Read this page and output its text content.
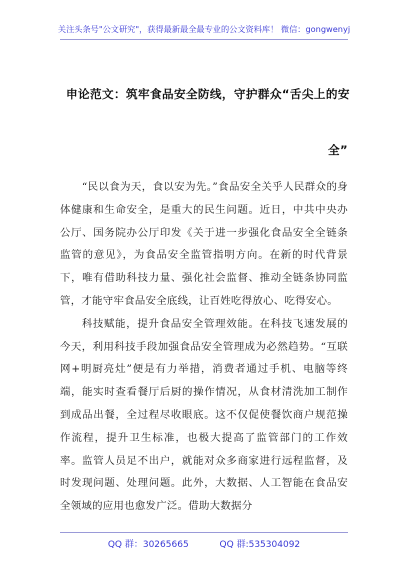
关注头条号"公文研究"，获得最新最全最专业的公文资料库！ 微信：gongwenyj
申论范文：筑牢食品安全防线，守护群众“舌尖上的安
全”

“民以食为天，食以安为先。”食品安全关乎人民群众的身体健康和生命安全，是重大的民生问题。近日，中共中央办公厅、国务院办公厅印发《关于进一步强化食品安全全链条监管的意见》，为食品安全监管指明方向。在新的时代背景下，唯有借助科技力量、强化社会监督、推动全链条协同监管，才能守牢食品安全底线，让百姓吃得放心、吃得安心。

科技赋能，提升食品安全管理效能。在科技飞速发展的今天，利用科技手段加强食品安全管理成为必然趋势。“互联网+明厨亮灶”便是有力举措，消费者通过手机、电脑等终端，能实时查看餐厅后厨的操作情况，从食材清洗加工制作到成品出餐，全过程尽收眼底。这不仅促使餐饮商户规范操作流程，提升卫生标准，也极大提高了监管部门的工作效率。监管人员足不出户，就能对众多商家进行远程监督，及时发现问题、处理问题。此外，大数据、人工智能在食品安全领域的应用也愈发广泛。借助大数据分

QQ 群：30265665	QQ 群:535304092
